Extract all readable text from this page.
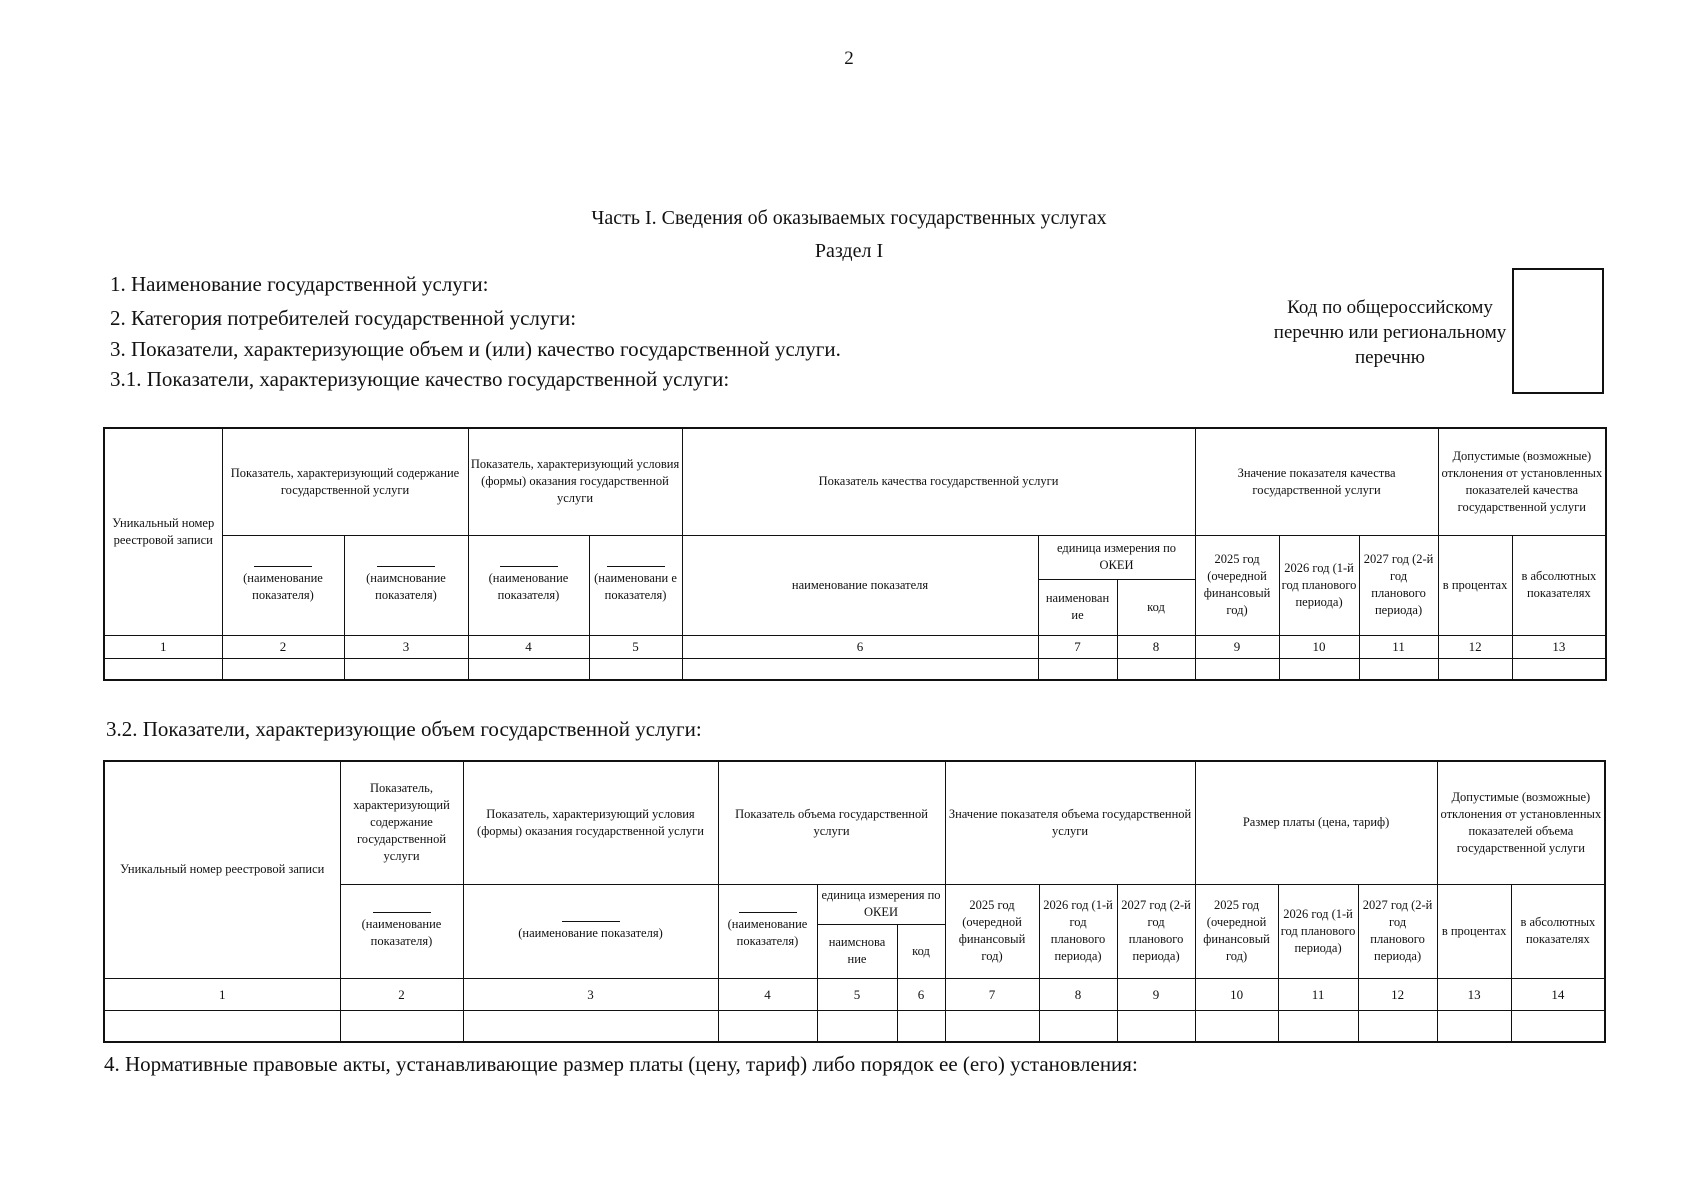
2
Часть I. Сведения об оказываемых государственных услугах
Раздел I
1. Наименование государственной услуги:
2. Категория потребителей государственной услуги:
3. Показатели, характеризующие объем и (или) качество государственной услуги.
3.1. Показатели, характеризующие качество государственной услуги:
Код по общероссийскому перечню или региональному перечню
Уникальный номер реестровой записи	Показатель, характеризующий содержание государственной услуги		Показатель, характеризующий условия (формы) оказания государственной услуги		Показатель качества государственной услуги			Значение показателя качества государственной услуги			Допустимые (возможные) отклонения от установленных показателей качества государственной услуги	

(наименование показателя)	(наимснование показателя)	(наименование показателя)	(наименовани е показателя)	наименование показателя	единица измерения по ОКЕИ		2025 год (очередной финансовый год)	2026 год (1-й год планового периода)	2027 год (2-й год планового периода)	в процентах	в абсолютных показателях
						наименован ие	код					
1	2	3	4	5	6	7	8	9	10	11	12	13

3.2. Показатели, характеризующие объем государственной услуги:
Уникальный номер реестровой записи	Показатель, характеризующий содержание государственной услуги	Показатель, характеризующий условия (формы) оказания государственной услуги	Показатель объема государственной услуги			Значение показателя объема государственной услуги			Размер платы (цена, тариф)			Допустимые (возможные) отклонения от установленных показателей объема государственной услуги	

(наименование показателя)	(наименование показателя)	(наименование показателя)	единица измерения по ОКЕИ		2025 год (очередной финансовый год)	2026 год (1-й год планового периода)	2027 год (2-й год планового периода)	2025 год (очередной финансовый год)	2026 год (1-й год планового периода)	2027 год (2-й год планового периода)	в процентах	в абсолютных показателях
				наимснова ние	код								
1	2	3	4	5	6	7	8	9	10	11	12	13	14

4. Нормативные правовые акты, устанавливающие размер платы (цену, тариф) либо порядок ее (его) установления:
